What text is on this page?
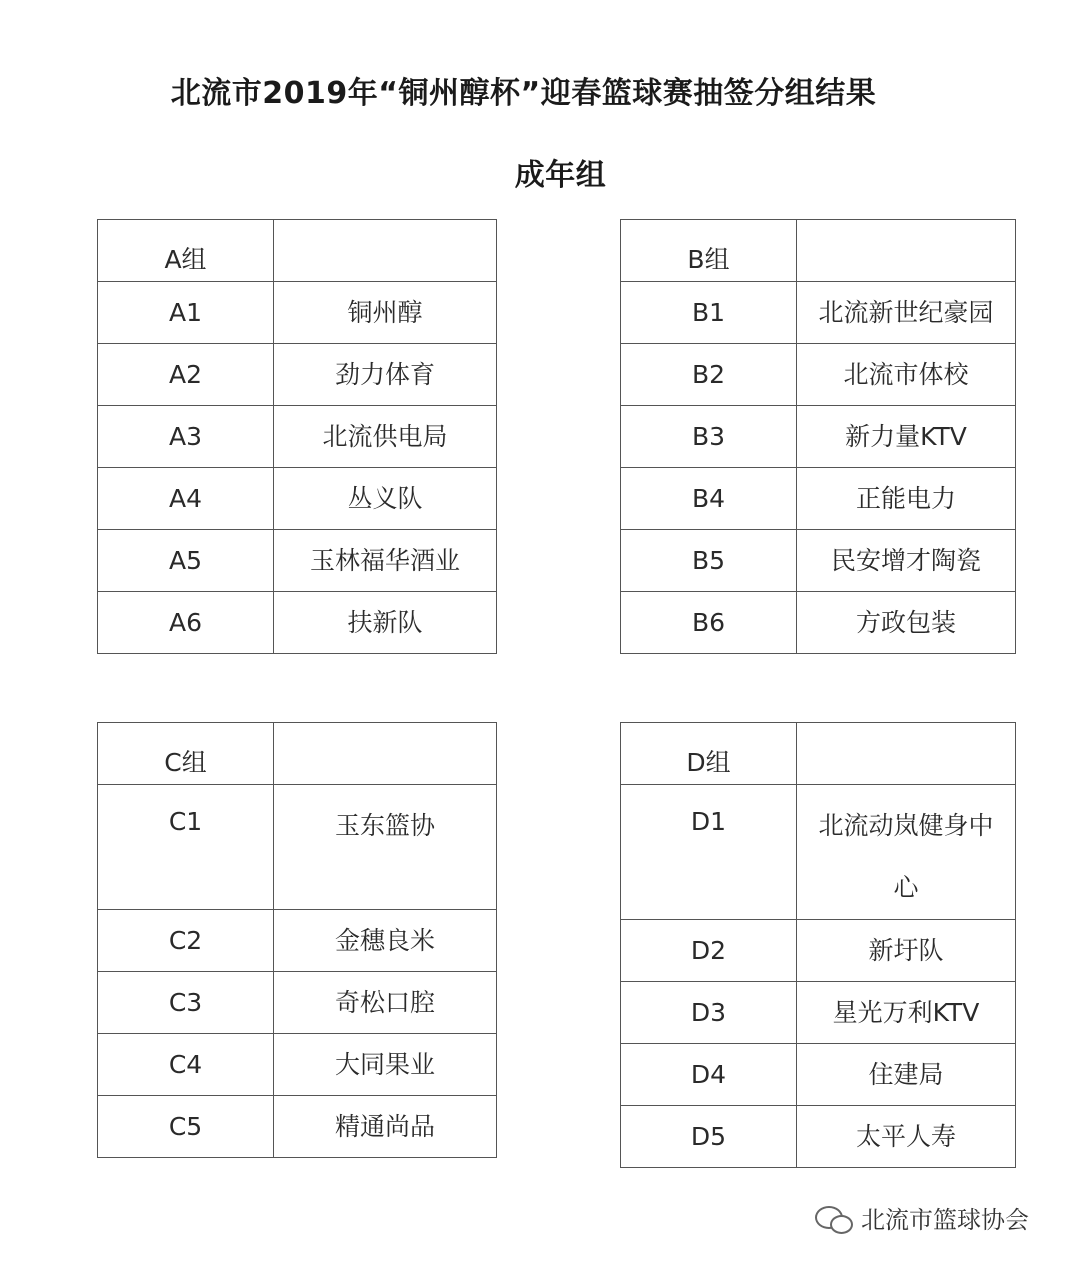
北流市2019年“铜州醇杯”迎春篮球赛抽签分组结果
成年组
A组	
A1	铜州醇
A2	劲力体育
A3	北流供电局
A4	丛义队
A5	玉林福华酒业
A6	扶新队
B组	
B1	北流新世纪豪园
B2	北流市体校
B3	新力量KTV
B4	正能电力
B5	民安增才陶瓷
B6	方政包装
C组	
C1	玉东篮协

C2	金穗良米
C3	奇松口腔
C4	大同果业
C5	精通尚品
D组	
D1	北流动岚健身中
心

D2	新圩队
D3	星光万利KTV
D4	住建局
D5	太平人寿
北流市篮球协会
